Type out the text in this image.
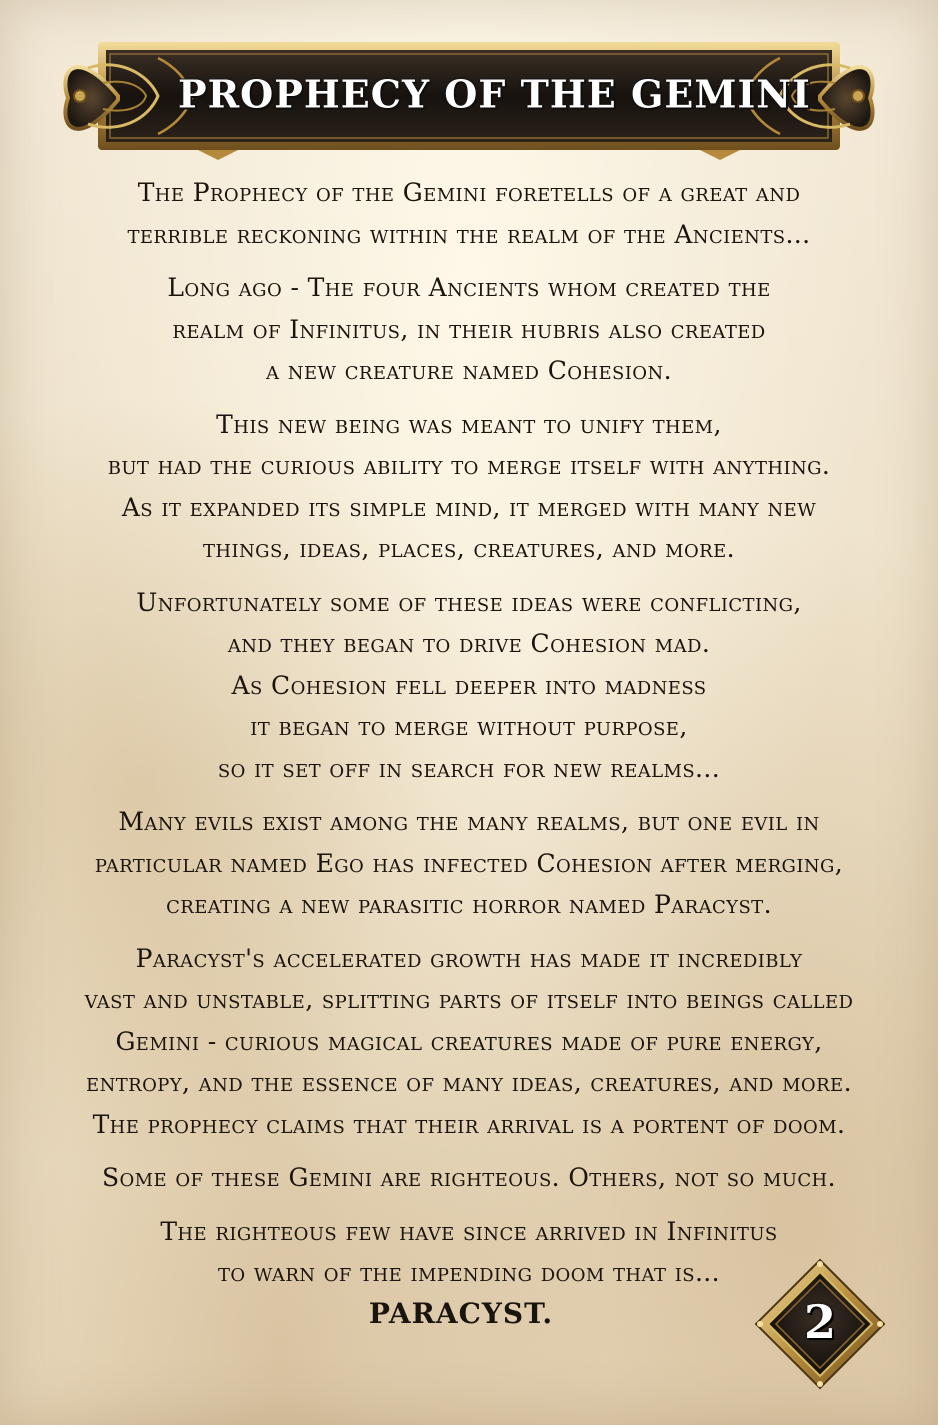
PROPHECY OF THE GEMINI
The Prophecy of the Gemini foretells of a great and
terrible reckoning within the realm of the Ancients...
Long ago - The four Ancients whom created the
realm of Infinitus, in their hubris also created
a new creature named Cohesion.
This new being was meant to unify them,
but had the curious ability to merge itself with anything.
As it expanded its simple mind, it merged with many new
things, ideas, places, creatures, and more.
Unfortunately some of these ideas were conflicting,
and they began to drive Cohesion mad.
As Cohesion fell deeper into madness
it began to merge without purpose,
so it set off in search for new realms...
Many evils exist among the many realms, but one evil in
particular named Ego has infected Cohesion after merging,
creating a new parasitic horror named Paracyst.
Paracyst's accelerated growth has made it incredibly
vast and unstable, splitting parts of itself into beings called
Gemini - curious magical creatures made of pure energy,
entropy, and the essence of many ideas, creatures, and more.
The prophecy claims that their arrival is a portent of doom.
Some of these Gemini are righteous. Others, not so much.
The righteous few have since arrived in Infinitus
to warn of the impending doom that is...
PARACYST.	2
